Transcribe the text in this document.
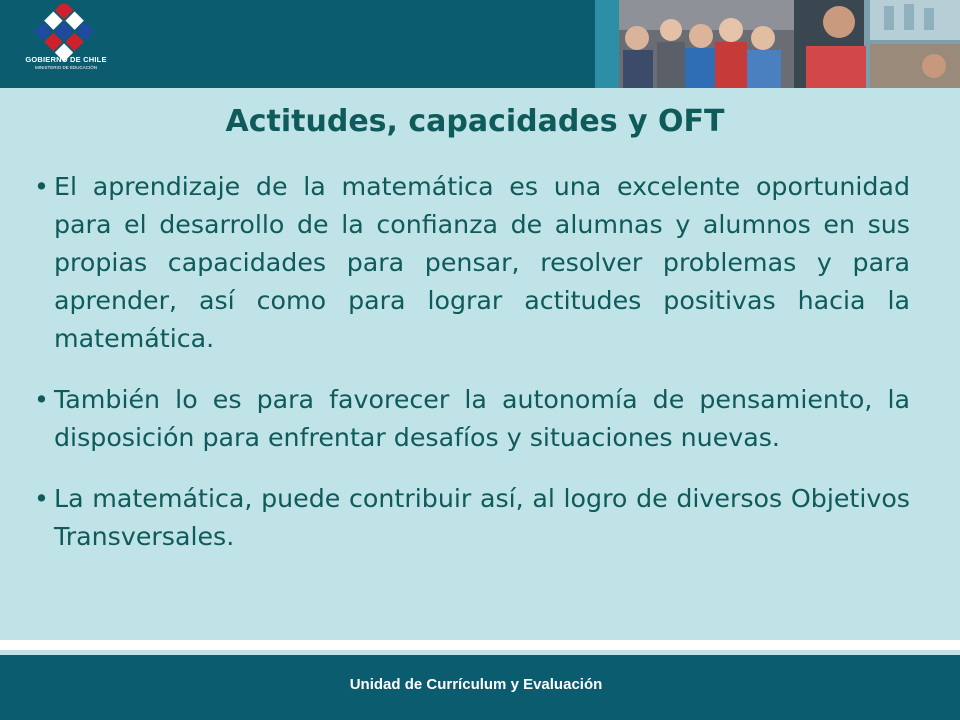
GOBIERNO DE CHILE
MINISTERIO DE EDUCACIÓN
Actitudes, capacidades y OFT
• El aprendizaje de la matemática es una excelente oportunidad para el desarrollo de la confianza de alumnas y alumnos en sus propias capacidades para pensar, resolver problemas y para aprender, así como para lograr actitudes positivas hacia la matemática.
• También lo es para favorecer la autonomía de pensamiento, la disposición para enfrentar desafíos y situaciones nuevas.
• La matemática, puede contribuir así, al logro de diversos Objetivos Transversales.
Unidad de Currículum y Evaluación
